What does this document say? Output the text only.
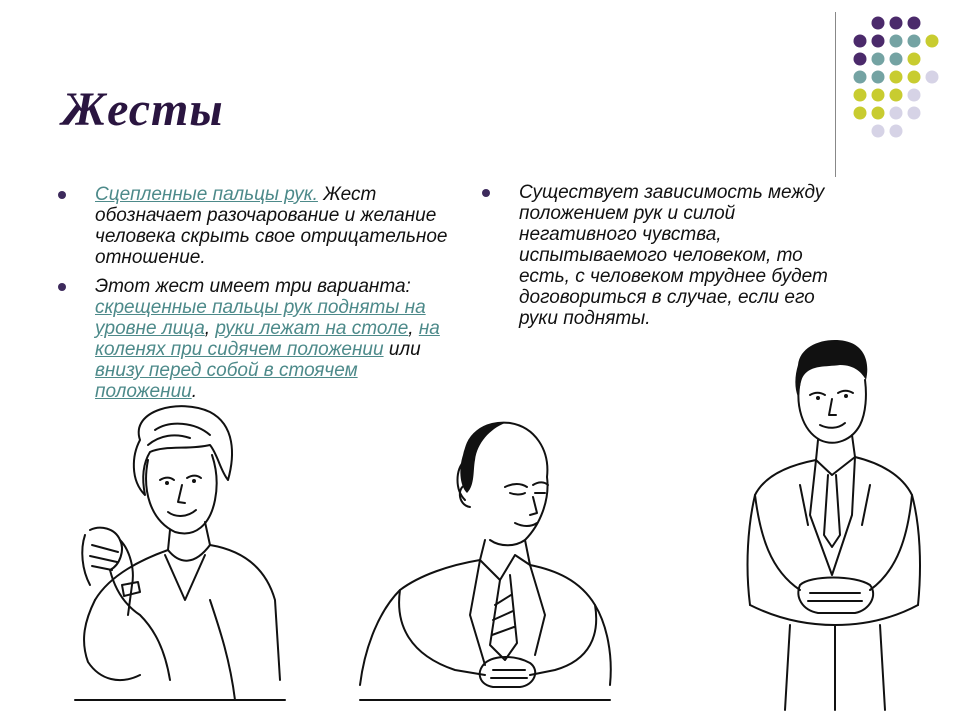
Жесты
Сцепленные пальцы рук. Жест обозначает разочарование и желание человека скрыть свое отрицательное отношение.
Этот жест имеет три варианта: скрещенные пальцы рук подняты на уровне лица, руки лежат на столе, на коленях при сидячем положении или внизу перед собой в стоячем положении.
Существует зависимость между положением рук и силой негативного чувства, испытываемого человеком, то есть, с человеком труднее будет договориться в случае, если его руки подняты.
